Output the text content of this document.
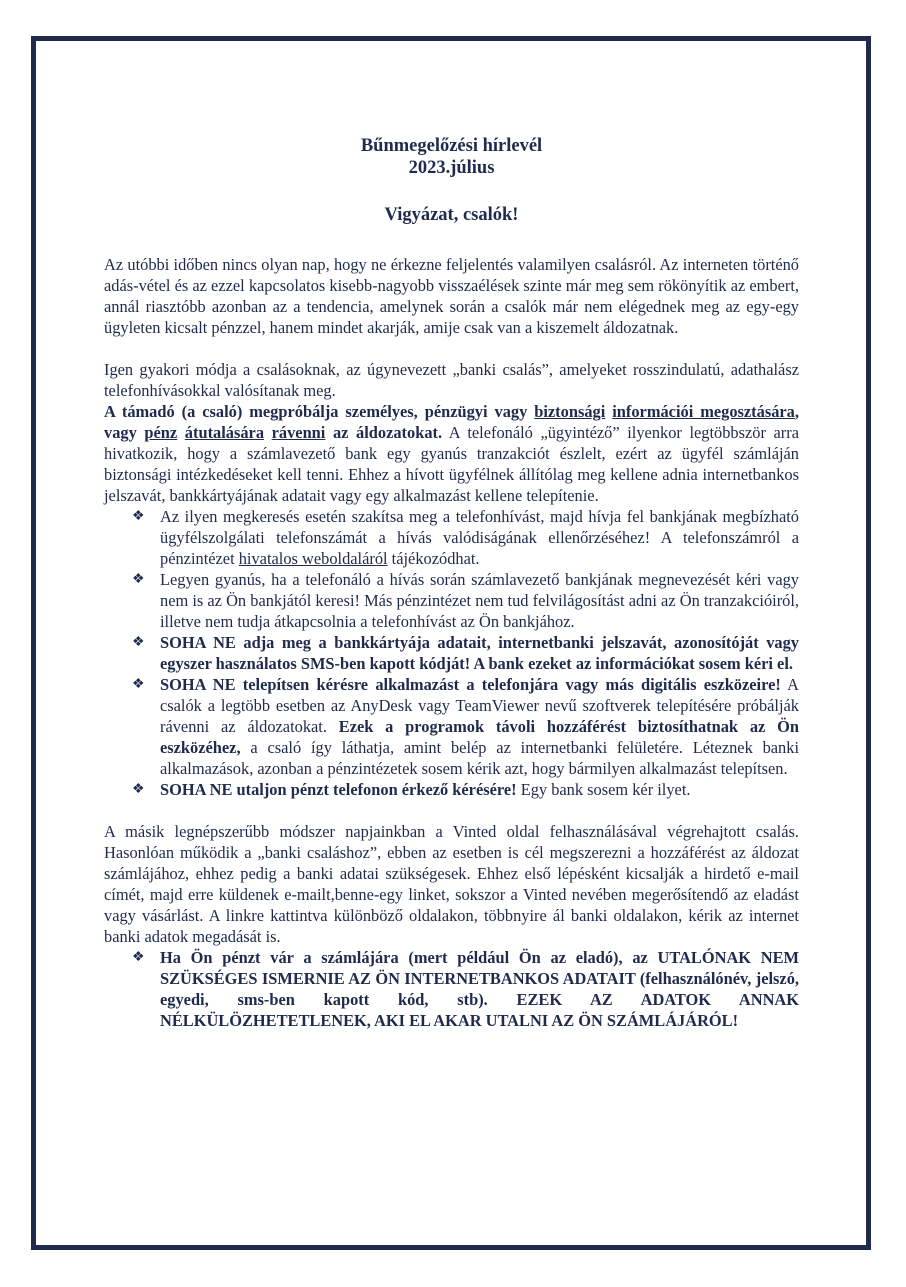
Bűnmegelőzési hírlevél
2023.július
Vigyázat, csalók!

Az utóbbi időben nincs olyan nap, hogy ne érkezne feljelentés valamilyen csalásról. Az interneten történő adás-vétel és az ezzel kapcsolatos kisebb-nagyobb visszaélések szinte már meg sem rökönyítik az embert, annál riasztóbb azonban az a tendencia, amelynek során a csalók már nem elégednek meg az egy-egy ügyleten kicsalt pénzzel, hanem mindet akarják, amije csak van a kiszemelt áldozatnak.

Igen gyakori módja a csalásoknak, az úgynevezett „banki csalás”, amelyeket rosszindulatú, adathalász telefonhívásokkal valósítanak meg.

A támadó (a csaló) megpróbálja személyes, pénzügyi vagy biztonsági információi megosztására, vagy pénz átutalására rávenni az áldozatokat. A telefonáló „ügyintéző” ilyenkor legtöbbször arra hivatkozik, hogy a számlavezető bank egy gyanús tranzakciót észlelt, ezért az ügyfél számláján biztonsági intézkedéseket kell tenni. Ehhez a hívott ügyfélnek állítólag meg kellene adnia internetbankos jelszavát, bankkártyájának adatait vagy egy alkalmazást kellene telepítenie.

❖ Az ilyen megkeresés esetén szakítsa meg a telefonhívást, majd hívja fel bankjának megbízható ügyfélszolgálati telefonszámát a hívás valódiságának ellenőrzéséhez! A telefonszámról a pénzintézet hivatalos weboldaláról tájékozódhat.
❖ Legyen gyanús, ha a telefonáló a hívás során számlavezető bankjának megnevezését kéri vagy nem is az Ön bankjától keresi! Más pénzintézet nem tud felvilágosítást adni az Ön tranzakcióiról, illetve nem tudja átkapcsolnia a telefonhívást az Ön bankjához.
❖ SOHA NE adja meg a bankkártyája adatait, internetbanki jelszavát, azonosítóját vagy egyszer használatos SMS-ben kapott kódját! A bank ezeket az információkat sosem kéri el.
❖ SOHA NE telepítsen kérésre alkalmazást a telefonjára vagy más digitális eszközeire! A csalók a legtöbb esetben az AnyDesk vagy TeamViewer nevű szoftverek telepítésére próbálják rávenni az áldozatokat. Ezek a programok távoli hozzáférést biztosíthatnak az Ön eszközéhez, a csaló így láthatja, amint belép az internetbanki felületére. Léteznek banki alkalmazások, azonban a pénzintézetek sosem kérik azt, hogy bármilyen alkalmazást telepítsen.
❖ SOHA NE utaljon pénzt telefonon érkező kérésére! Egy bank sosem kér ilyet.

A másik legnépszerűbb módszer napjainkban a Vinted oldal felhasználásával végrehajtott csalás. Hasonlóan működik a „banki csaláshoz”, ebben az esetben is cél megszerezni a hozzáférést az áldozat számlájához, ehhez pedig a banki adatai szükségesek. Ehhez első lépésként kicsalják a hirdető e-mail címét, majd erre küldenek e-mailt,benne-egy linket, sokszor a Vinted nevében megerősítendő az eladást vagy vásárlást. A linkre kattintva különböző oldalakon, többnyire ál banki oldalakon, kérik az internet banki adatok megadását is.

❖ Ha Ön pénzt vár a számlájára (mert például Ön az eladó), az UTALÓNAK NEM SZÜKSÉGES ISMERNIE AZ ÖN INTERNETBANKOS ADATAIT (felhasználónév, jelszó, egyedi, sms-ben kapott kód, stb). EZEK AZ ADATOK ANNAK NÉLKÜLÖZHETETLENEK, AKI EL AKAR UTALNI AZ ÖN SZÁMLÁJÁRÓL!
